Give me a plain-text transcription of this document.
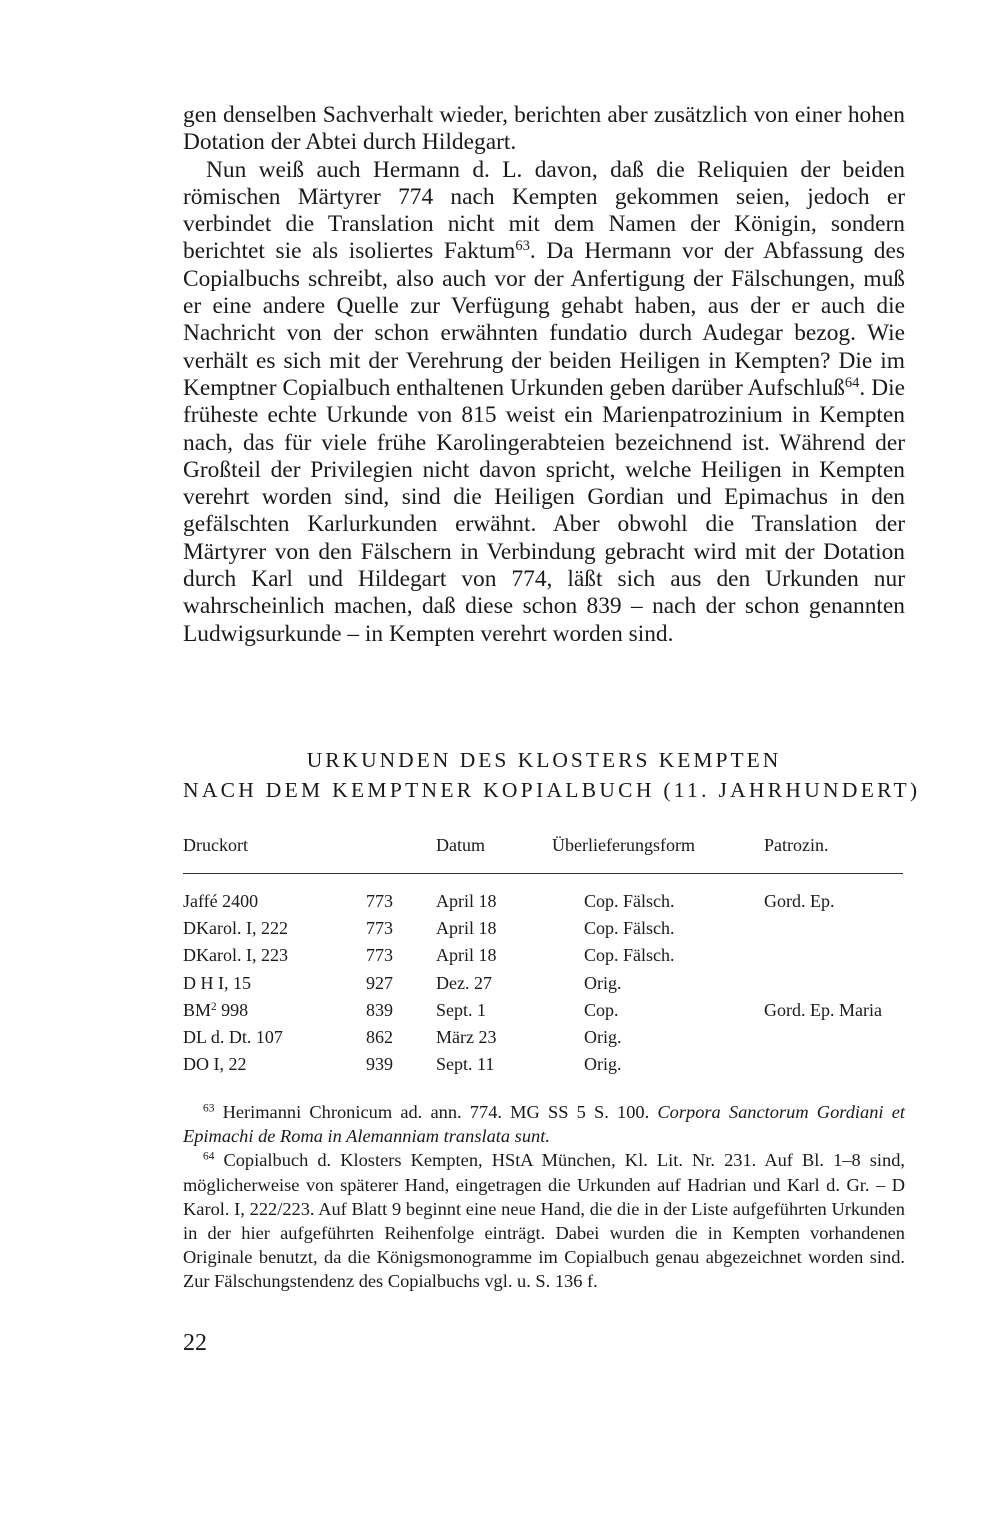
gen denselben Sachverhalt wieder, berichten aber zusätzlich von einer hohen Dotation der Abtei durch Hildegart.

Nun weiß auch Hermann d. L. davon, daß die Reliquien der beiden römischen Märtyrer 774 nach Kempten gekommen seien, jedoch er verbindet die Translation nicht mit dem Namen der Königin, sondern berichtet sie als isoliertes Faktum$^{63}$. Da Hermann vor der Abfassung des Copialbuchs schreibt, also auch vor der Anfertigung der Fälschungen, muß er eine andere Quelle zur Verfügung gehabt haben, aus der er auch die Nachricht von der schon erwähnten fundatio durch Audegar bezog. Wie verhält es sich mit der Verehrung der beiden Heiligen in Kempten? Die im Kemptner Copialbuch enthaltenen Urkunden geben darüber Aufschluß$^{64}$. Die früheste echte Urkunde von 815 weist ein Marienpatrozinium in Kempten nach, das für viele frühe Karolingerabteien bezeichnend ist. Während der Großteil der Privilegien nicht davon spricht, welche Heiligen in Kempten verehrt worden sind, sind die Heiligen Gordian und Epimachus in den gefälschten Karlurkunden erwähnt. Aber obwohl die Translation der Märtyrer von den Fälschern in Verbindung gebracht wird mit der Dotation durch Karl und Hildegart von 774, läßt sich aus den Urkunden nur wahrscheinlich machen, daß diese schon 839 – nach der schon genannten Ludwigsurkunde – in Kempten verehrt worden sind.

URKUNDEN DES KLOSTERS KEMPTEN
NACH DEM KEMPTNER KOPIALBUCH (11. JAHRHUNDERT)
Druckort	Datum	Überlieferungsform	Patrozin.
Jaffé 2400	773 April 18	Cop. Fälsch.	Gord. Ep.
DKarol. I, 222	773 April 18	Cop. Fälsch.
DKarol. I, 223	773 April 18	Cop. Fälsch.
D H I, 15	927 Dez. 27	Orig.
$BM^2$ 998	839 Sept. 1	Cop.	Gord. Ep. Maria
DL d. Dt. 107	862 März 23	Orig.
DO I, 22	939 Sept. 11	Orig.

$^{63}$ Herimanni Chronicum ad. ann. 774. MG SS 5 S. 100. Corpora Sanctorum Gordiani et Epimachi de Roma in Alemanniam translata sunt.

$^{64}$ Copialbuch d. Klosters Kempten, HStA München, Kl. Lit. Nr. 231. Auf Bl. 1–8 sind, möglicherweise von späterer Hand, eingetragen die Urkunden auf Hadrian und Karl d. Gr. – D Karol. I, 222/223. Auf Blatt 9 beginnt eine neue Hand, die die in der Liste aufgeführten Urkunden in der hier aufgeführten Reihenfolge einträgt. Dabei wurden die in Kempten vorhandenen Originale benutzt, da die Königsmonogramme im Copialbuch genau abgezeichnet worden sind. Zur Fälschungstendenz des Copialbuchs vgl. u. S. 136 f.

22
